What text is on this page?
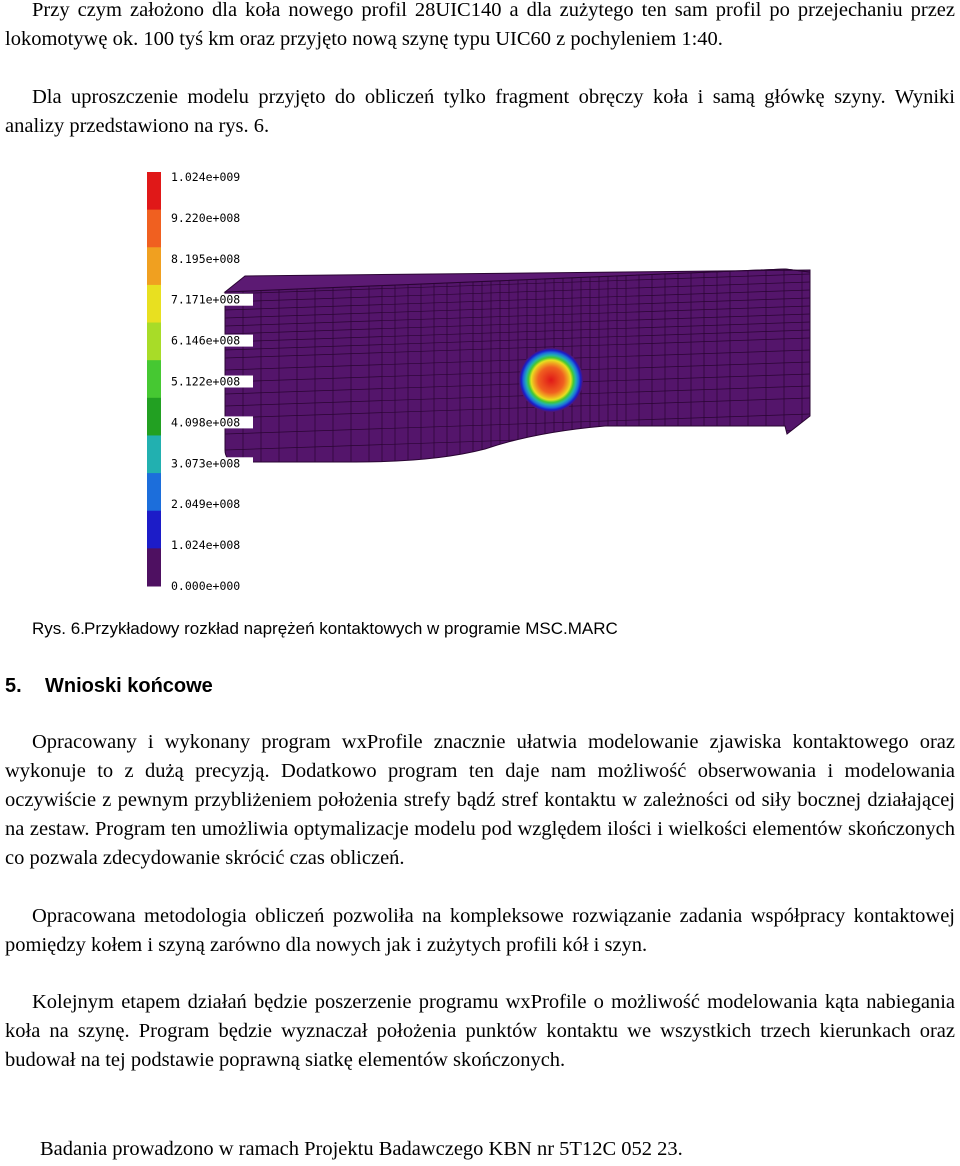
Przy czym założono dla koła nowego profil 28UIC140 a dla zużytego ten sam profil po przejechaniu przez lokomotywę ok. 100 tyś km oraz przyjęto nową szynę typu UIC60 z pochyleniem 1:40.

Dla uproszczenie modelu przyjęto do obliczeń tylko fragment obręczy koła i samą główkę szyny. Wyniki analizy przedstawiono na rys. 6.

1.024e+009
9.220e+008
8.195e+008
7.171e+008
6.146e+008
5.122e+008
4.098e+008
3.073e+008
2.049e+008
1.024e+008
0.000e+000
Rys. 6.Przykładowy rozkład naprężeń kontaktowych w programie MSC.MARC
5. Wnioski końcowe

Opracowany i wykonany program wxProfile znacznie ułatwia modelowanie zjawiska kontaktowego oraz wykonuje to z dużą precyzją. Dodatkowo program ten daje nam możliwość obserwowania i modelowania oczywiście z pewnym przybliżeniem położenia strefy bądź stref kontaktu w zależności od siły bocznej działającej na zestaw. Program ten umożliwia optymalizacje modelu pod względem ilości i wielkości elementów skończonych co pozwala zdecydowanie skrócić czas obliczeń.

Opracowana metodologia obliczeń pozwoliła na kompleksowe rozwiązanie zadania współpracy kontaktowej pomiędzy kołem i szyną zarówno dla nowych jak i zużytych profili kół i szyn.

Kolejnym etapem działań będzie poszerzenie programu wxProfile o możliwość modelowania kąta nabiegania koła na szynę. Program będzie wyznaczał położenia punktów kontaktu we wszystkich trzech kierunkach oraz budował na tej podstawie poprawną siatkę elementów skończonych.

Badania prowadzono w ramach Projektu Badawczego KBN nr 5T12C 052 23.
